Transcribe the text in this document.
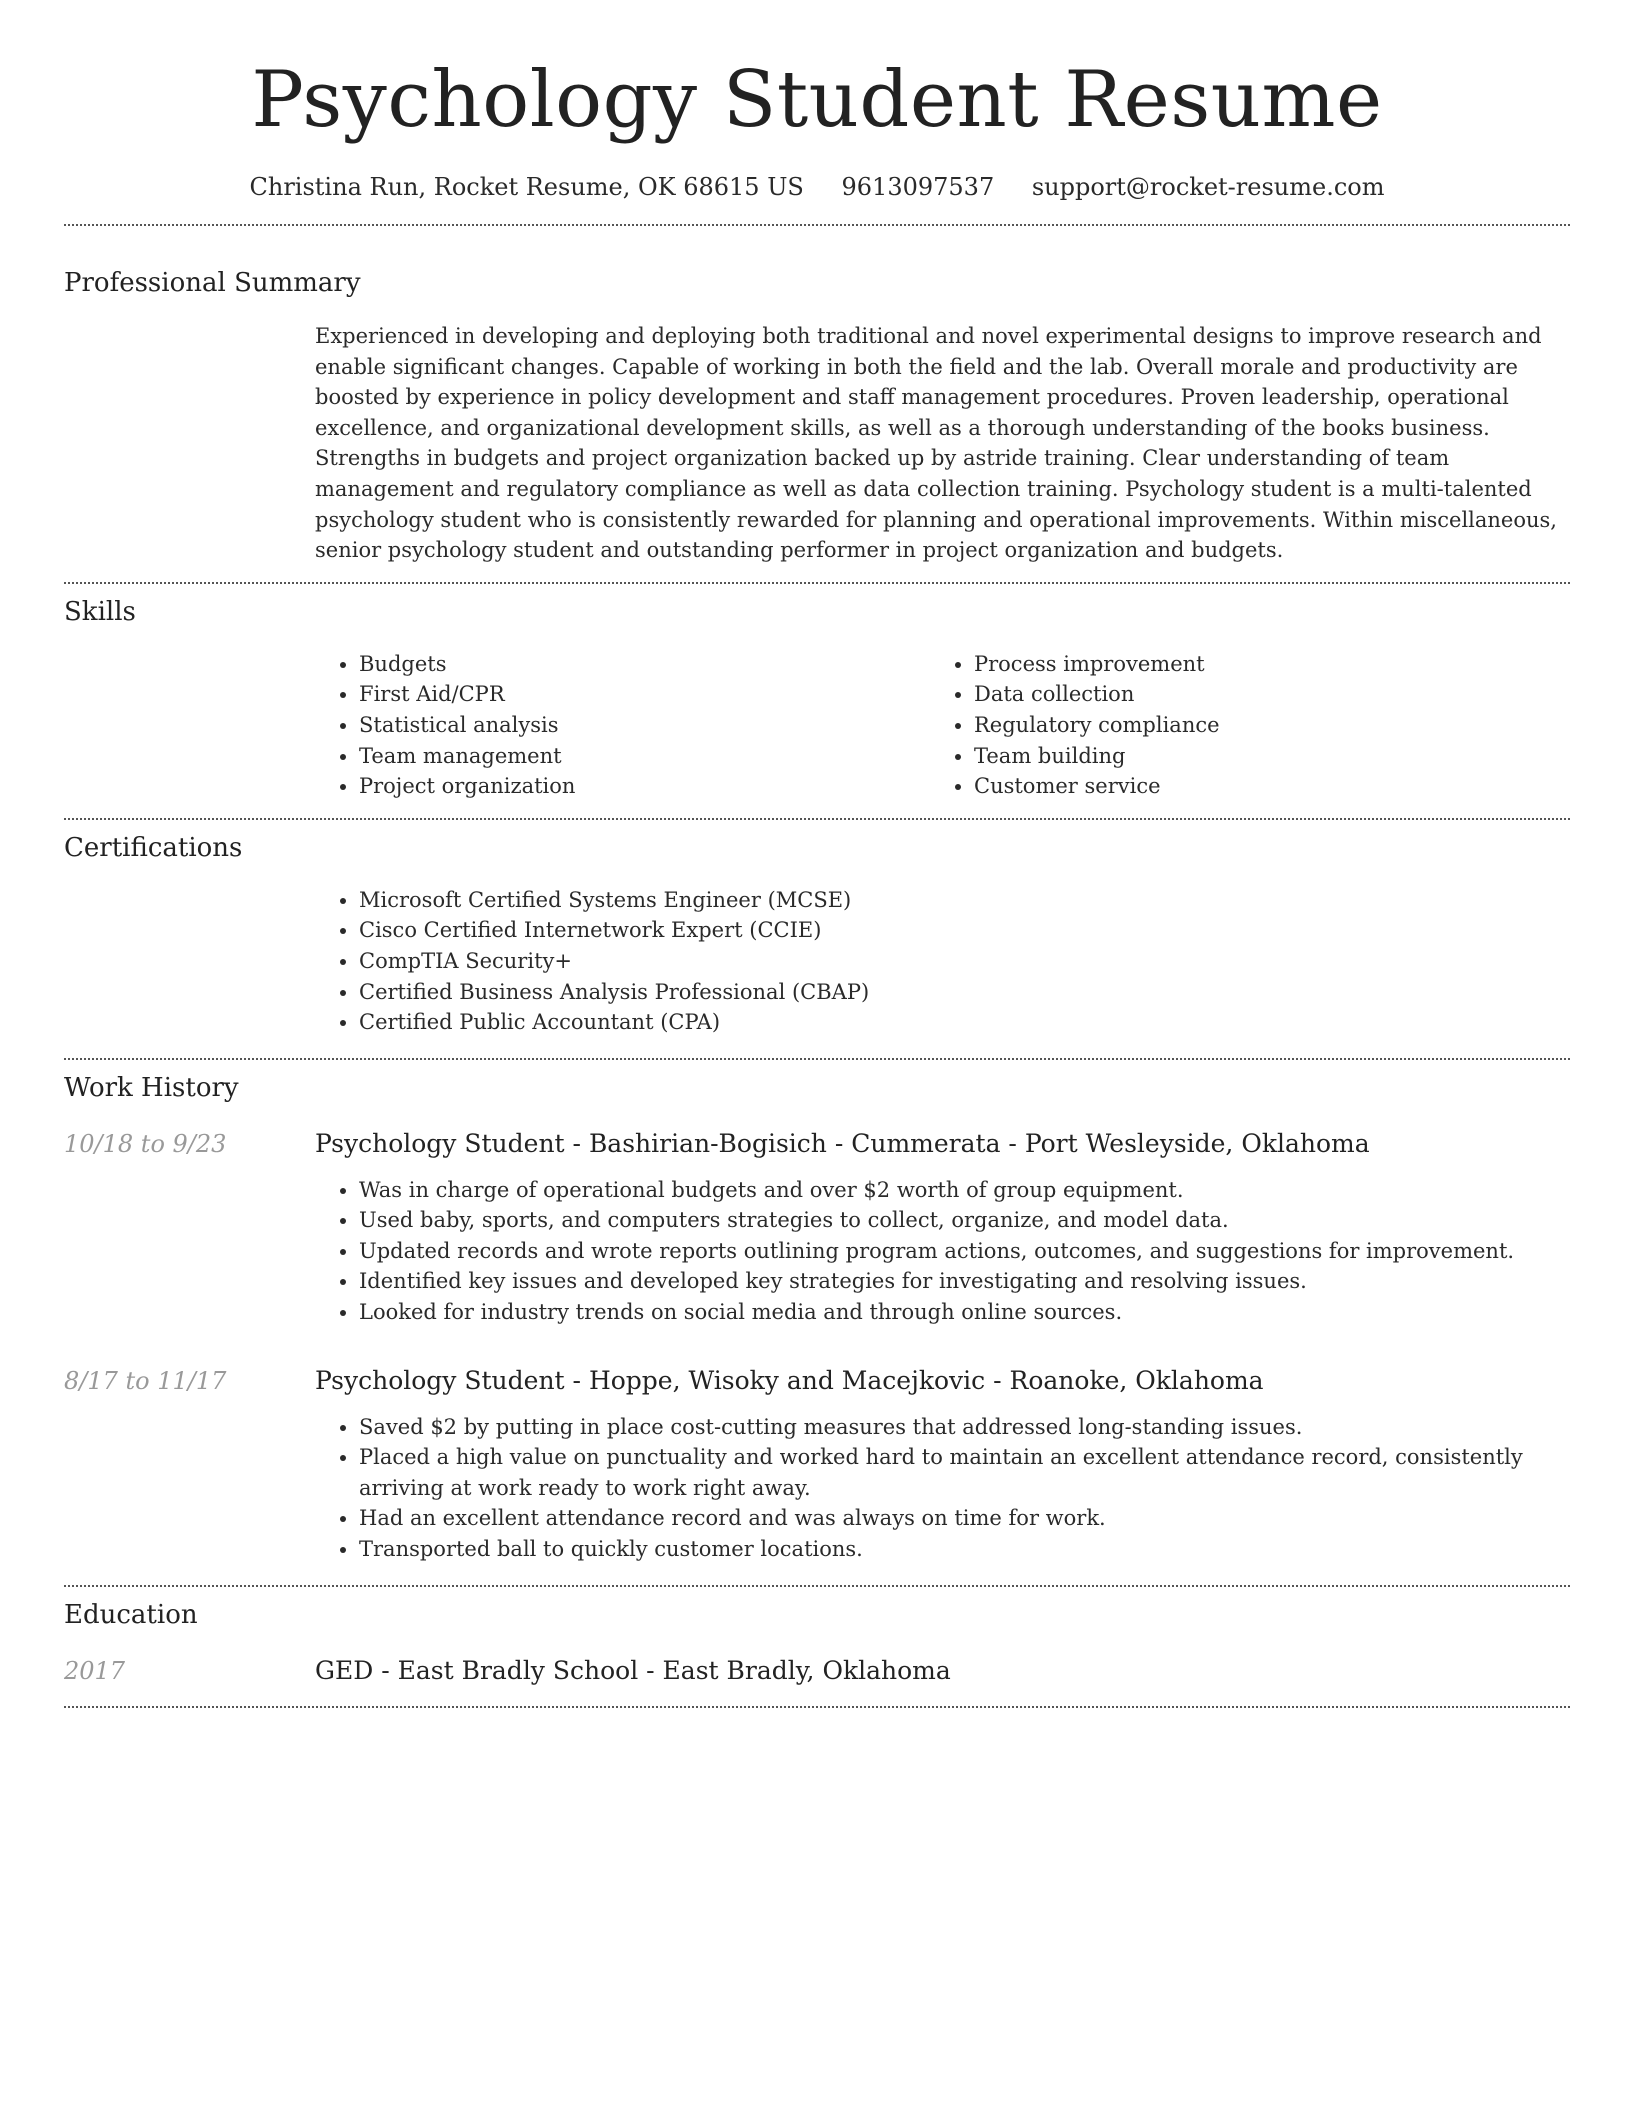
Psychology Student Resume
Christina Run, Rocket Resume, OK 68615 US 9613097537 support@rocket-resume.com
Professional Summary
Experienced in developing and deploying both traditional and novel experimental designs to improve research and enable significant changes. Capable of working in both the field and the lab. Overall morale and productivity are boosted by experience in policy development and staff management procedures. Proven leadership, operational excellence, and organizational development skills, as well as a thorough understanding of the books business. Strengths in budgets and project organization backed up by astride training. Clear understanding of team management and regulatory compliance as well as data collection training. Psychology student is a multi-talented psychology student who is consistently rewarded for planning and operational improvements. Within miscellaneous, senior psychology student and outstanding performer in project organization and budgets.
Skills
• Budgets
• First Aid/CPR
• Statistical analysis
• Team management
• Project organization
• Process improvement
• Data collection
• Regulatory compliance
• Team building
• Customer service
Certifications
• Microsoft Certified Systems Engineer (MCSE)
• Cisco Certified Internetwork Expert (CCIE)
• CompTIA Security+
• Certified Business Analysis Professional (CBAP)
• Certified Public Accountant (CPA)
Work History
10/18 to 9/23	Psychology Student - Bashirian-Bogisich - Cummerata - Port Wesleyside, Oklahoma
• Was in charge of operational budgets and over $2 worth of group equipment.
• Used baby, sports, and computers strategies to collect, organize, and model data.
• Updated records and wrote reports outlining program actions, outcomes, and suggestions for improvement.
• Identified key issues and developed key strategies for investigating and resolving issues.
• Looked for industry trends on social media and through online sources.
8/17 to 11/17	Psychology Student - Hoppe, Wisoky and Macejkovic - Roanoke, Oklahoma
• Saved $2 by putting in place cost-cutting measures that addressed long-standing issues.
• Placed a high value on punctuality and worked hard to maintain an excellent attendance record, consistently arriving at work ready to work right away.
• Had an excellent attendance record and was always on time for work.
• Transported ball to quickly customer locations.
Education
2017	GED - East Bradly School - East Bradly, Oklahoma
